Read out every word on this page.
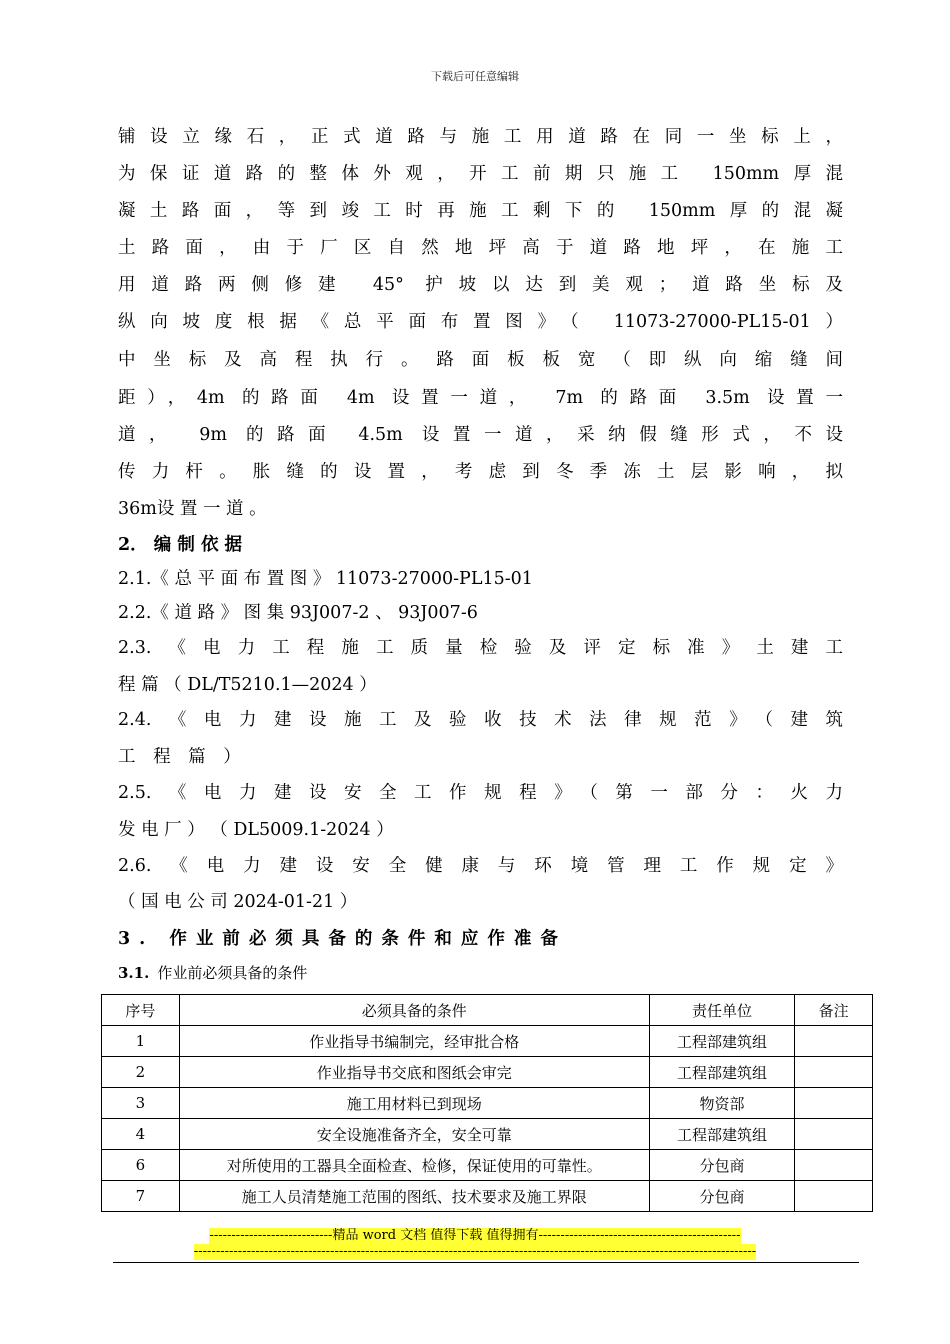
下载后可任意编辑
铺设立缘石，正式道路与施工用道路在同一坐标上，
为保证道路的整体外观，开工前期只施工 150mm厚混
凝土路面，等到竣工时再施工剩下的 150mm厚的混凝
土路面，由于厂区自然地坪高于道路地坪，在施工
用道路两侧修建 45° 护坡以达到美观；道路坐标及
纵向坡度根据《总平面布置图》（ 11073-27000-PL15-01）
中坐标及高程执行。路面板板宽（即纵向缩缝间
距），4m 的路面 4m 设置一道， 7m 的路面 3.5m 设置一
道， 9m 的路面 4.5m 设置一道，采纳假缝形式，不设
传力杆。胀缝的设置，考虑到冬季冻土层影响，拟
36m设 置 一 道 。
2． 编 制 依 据
2.1.《 总 平 面 布 置 图 》 11073-27000-PL15-01
2.2.《 道 路 》 图 集 93J007-2 、 93J007-6
2.3.《电力工程施工质量检验及评定标准》土建工
程 篇 （ DL/T5210.1—2024 ）
2.4.《电力建设施工及验收技术法律规范》（建筑
工 程 篇 ）
2.5.《电力建设安全工作规程》（第一部分：火力
发 电 厂 ） （ DL5009.1-2024 ）
2.6.《电力建设安全健康与环境管理工作规定》
（ 国 电 公 司 2024-01-21 ）
3. 作业前必须具备的条件和应作准备
3.1. 作业前必须具备的条件
序号	必须具备的条件	责任单位	备注
1	作业指导书编制完，经审批合格	工程部建筑组	
2	作业指导书交底和图纸会审完	工程部建筑组	
3	施工用材料已到现场	物资部	
4	安全设施准备齐全，安全可靠	工程部建筑组	
6	对所使用的工器具全面检查、检修，保证使用的可靠性。	分包商	
7	施工人员清楚施工范围的图纸、技术要求及施工界限	分包商	
----------------------------精品 word 文档 值得下载 值得拥有----------------------------------------------
--------------------------------------------------------------------------------------------------------------------------------
